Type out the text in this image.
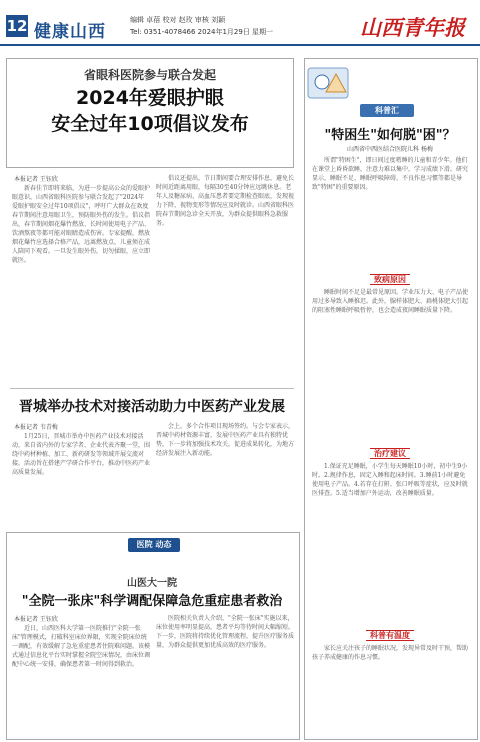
12 健康山西
编辑 卓蓓 校对 赵玫 审核 刘颖
Tel: 0351-4078466 2024年1月29日 星期一	山西青年报
省眼科医院参与联合发起
2024年爱眼护眼
安全过年10项倡议发布
本报记者 王钰欣

新春佳节即将来临，为进一步提高公众的爱眼护眼意识，山西省眼科医院参与联合发起了"2024年爱眼护眼安全过年10项倡议"，呼吁广大群众在欢度春节期间注意用眼卫生，预防眼外伤的发生。倡议指出，春节期间烟花爆竹燃放、长时间使用电子产品、饮酒熬夜等都可能对眼睛造成伤害。专家提醒，燃放烟花爆竹应选择合格产品，远离燃放点，儿童须在成人陪同下观看。一旦发生眼外伤，切勿揉眼，应立即就医。

倡议还提出，节日期间要合理安排作息，避免长时间近距离用眼，每隔30至40分钟应远眺休息。老年人及糖尿病、高血压患者要定期检查眼底，发现视力下降、视物变形等情况应及时就诊。山西省眼科医院春节期间急诊全天开放，为群众提供眼科急救服务。

晋城举办技术对接活动助力中医药产业发展
本报记者 韦青梅

1月25日，晋城市举办中医药产业技术对接活动，来自省内外的专家学者、企业代表齐聚一堂，围绕中药材种植、加工、新药研发等领域开展交流对接。活动旨在搭建产学研合作平台，推动中医药产业高质量发展。

会上，多个合作项目现场签约。与会专家表示，晋城中药材资源丰富，发展中医药产业具有独特优势，下一步将加强技术攻关，促进成果转化，为地方经济发展注入新动能。

医院 动态
山医大一院
"全院一张床"科学调配保障急危重症患者救治
本报记者 王钰欣

近日，山西医科大学第一医院推行"全院一张床"管理模式，打破科室床位界限，实现全院床位统一调配，有效缓解了急危重症患者住院难问题。该模式通过信息化平台实时掌握全院空床情况，由床位调配中心统一安排，确保患者第一时间得到救治。

医院相关负责人介绍，"全院一张床"实施以来，床位使用率明显提高，患者平均等待时间大幅缩短。下一步，医院将持续优化管理流程，提升医疗服务质量，为群众提供更加优质高效的医疗服务。

科普汇
"特困生"如何脱"困"？
山西省中西医结合医院儿科 杨梅

所谓"特困生"，即日间过度嗜睡的儿童和青少年。他们在课堂上昏昏欲睡，注意力难以集中，学习成绩下滑。研究显示，睡眠不足、睡眠呼吸障碍、不良作息习惯等都是导致"特困"的重要原因。

致病原因

睡眠时间不足是最常见原因。学业压力大、电子产品使用过多导致入睡推迟。此外，腺样体肥大、扁桃体肥大引起的阻塞性睡眠呼吸暂停，也会造成夜间睡眠质量下降。

治疗建议

1.保证充足睡眠，小学生每天睡眠10小时，初中生9小时。2.规律作息，固定入睡和起床时间。3.睡前1小时避免使用电子产品。4.若存在打鼾、张口呼吸等症状，应及时就医排查。5.适当增加户外运动，改善睡眠质量。

科普有温度

家长应关注孩子的睡眠状况，发现异常及时干预，帮助孩子养成健康的作息习惯。
